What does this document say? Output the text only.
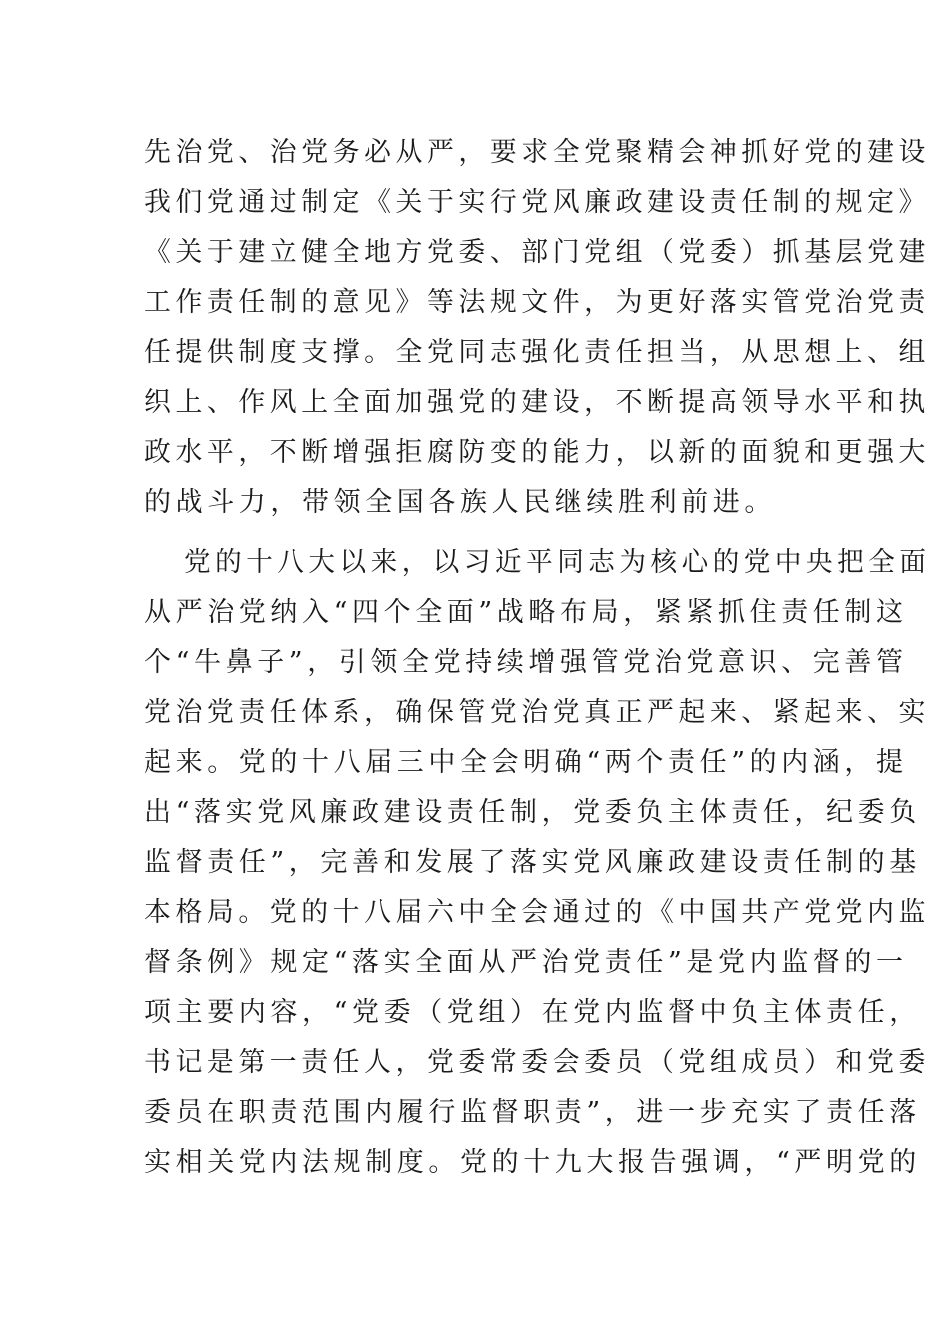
先治党、治党务必从严，要求全党聚精会神抓好党的建设
我们党通过制定《关于实行党风廉政建设责任制的规定》
《关于建立健全地方党委、部门党组（党委）抓基层党建
工作责任制的意见》等法规文件，为更好落实管党治党责
任提供制度支撑。全党同志强化责任担当，从思想上、组
织上、作风上全面加强党的建设，不断提高领导水平和执
政水平，不断增强拒腐防变的能力，以新的面貌和更强大
的战斗力，带领全国各族人民继续胜利前进。
党的十八大以来，以习近平同志为核心的党中央把全面
从严治党纳入“四个全面”战略布局，紧紧抓住责任制这
个“牛鼻子”，引领全党持续增强管党治党意识、完善管
党治党责任体系，确保管党治党真正严起来、紧起来、实
起来。党的十八届三中全会明确“两个责任”的内涵，提
出“落实党风廉政建设责任制，党委负主体责任，纪委负
监督责任”，完善和发展了落实党风廉政建设责任制的基
本格局。党的十八届六中全会通过的《中国共产党党内监
督条例》规定“落实全面从严治党责任”是党内监督的一
项主要内容，“党委（党组）在党内监督中负主体责任，
书记是第一责任人，党委常委会委员（党组成员）和党委
委员在职责范围内履行监督职责”，进一步充实了责任落
实相关党内法规制度。党的十九大报告强调，“严明党的
